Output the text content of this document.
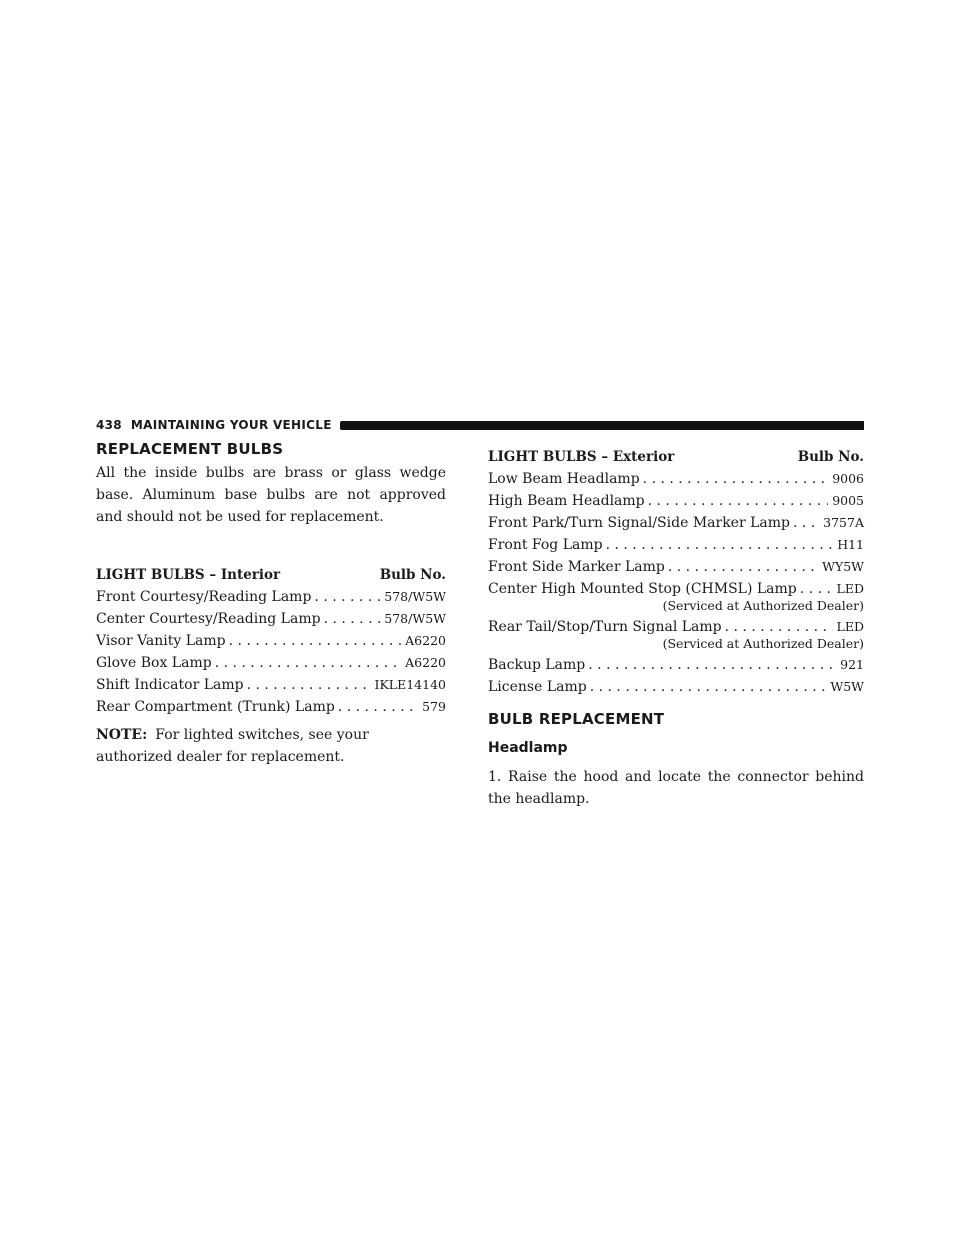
438 MAINTAINING YOUR VEHICLE
REPLACEMENT BULBS

All the inside bulbs are brass or glass wedge base. Aluminum base bulbs are not approved and should not be used for replacement.

LIGHT BULBS – Interior	Bulb No.
Front Courtesy/Reading Lamp . . .	578/W5W
Center Courtesy/Reading Lamp . . .	578/W5W
Visor Vanity Lamp . . .	A6220
Glove Box Lamp . . .	A6220
Shift Indicator Lamp . . .	IKLE14140
Rear Compartment (Trunk) Lamp . . .	579
NOTE: For lighted switches, see your authorized dealer for replacement.
LIGHT BULBS – Exterior	Bulb No.
Low Beam Headlamp . . .	9006
High Beam Headlamp . . .	9005
Front Park/Turn Signal/Side Marker Lamp . . .	3757A
Front Fog Lamp . . .	H11
Front Side Marker Lamp . . .	WY5W
Center High Mounted Stop (CHMSL) Lamp . . .	LED
(Serviced at Authorized Dealer)
Rear Tail/Stop/Turn Signal Lamp . . .	LED
(Serviced at Authorized Dealer)
Backup Lamp . . .	921
License Lamp . . .	W5W
BULB REPLACEMENT
Headlamp

1. Raise the hood and locate the connector behind the headlamp.
